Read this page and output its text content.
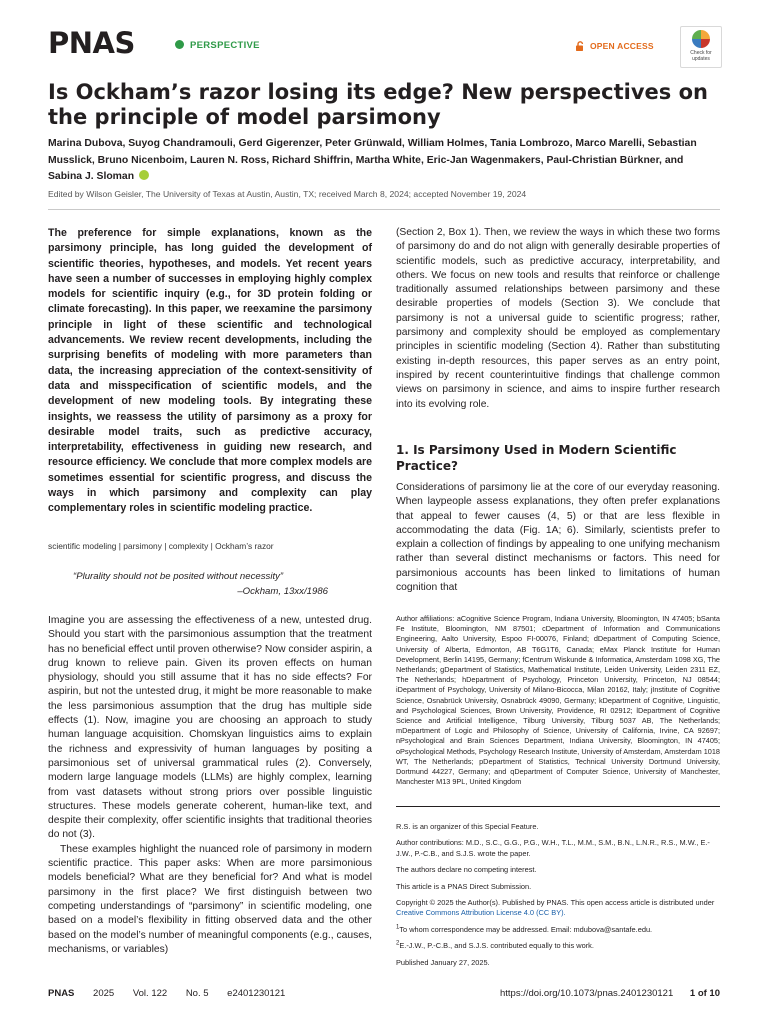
PNAS	PERSPECTIVE	OPEN ACCESS
Check for updates
Is Ockham’s razor losing its edge? New perspectives on the principle of model parsimony
Marina Dubova, Suyog Chandramouli, Gerd Gigerenzer, Peter Grünwald, William Holmes, Tania Lombrozo, Marco Marelli, Sebastian Musslick, Bruno Nicenboim, Lauren N. Ross, Richard Shiffrin, Martha White, Eric-Jan Wagenmakers, Paul-Christian Bürkner, and Sabina J. Sloman
Edited by Wilson Geisler, The University of Texas at Austin, Austin, TX; received March 8, 2024; accepted November 19, 2024
The preference for simple explanations, known as the parsimony principle, has long guided the development of scientific theories, hypotheses, and models. Yet recent years have seen a number of successes in employing highly complex models for scientific inquiry (e.g., for 3D protein folding or climate forecasting). In this paper, we reexamine the parsimony principle in light of these scientific and technological advancements. We review recent developments, including the surprising benefits of modeling with more parameters than data, the increasing appreciation of the context-sensitivity of data and misspecification of scientific models, and the development of new modeling tools. By integrating these insights, we reassess the utility of parsimony as a proxy for desirable model traits, such as predictive accuracy, interpretability, effectiveness in guiding new research, and resource efficiency. We conclude that more complex models are sometimes essential for scientific progress, and discuss the ways in which parsimony and complexity can play complementary roles in scientific modeling practice.
scientific modeling | parsimony | complexity | Ockham’s razor
“Plurality should not be posited without necessity”
–Ockham, 13xx/1986

Imagine you are assessing the effectiveness of a new, untested drug. Should you start with the parsimonious assumption that the treatment has no beneficial effect until proven otherwise? Now consider aspirin, a drug known to relieve pain. Given its proven effects on human physiology, should you still assume that it has no side effects? For aspirin, but not the untested drug, it might be more reasonable to make the less parsimonious assumption that the drug has multiple side effects (1). Now, imagine you are choosing an approach to study human language acquisition. Chomskyan linguistics aims to explain the richness and expressivity of human languages by positing a parsimonious set of universal grammatical rules (2). Conversely, modern large language models (LLMs) are highly complex, learning from vast datasets without strong priors over possible linguistic structures. These models generate coherent, human-like text, and despite their complexity, offer scientific insights that traditional theories do not (3).

These examples highlight the nuanced role of parsimony in modern scientific practice. This paper asks: When are more parsimonious models beneficial? What are they beneficial for? And what is model parsimony in the first place? We first distinguish between two competing understandings of “parsimony” in scientific modeling, one based on a model’s flexibility in fitting observed data and the other based on the model’s number of meaningful components (e.g., causes, mechanisms, or variables)

(Section 2, Box 1). Then, we review the ways in which these two forms of parsimony do and do not align with generally desirable properties of scientific models, such as predictive accuracy, interpretability, and others. We focus on new tools and results that reinforce or challenge traditionally assumed relationships between parsimony and these desirable properties of models (Section 3). We conclude that parsimony is not a universal guide to scientific progress; rather, parsimony and complexity should be employed as complementary principles in scientific modeling (Section 4). Rather than substituting existing in-depth resources, this paper serves as an entry point, inspired by recent counterintuitive findings that challenge common views on parsimony in science, and aims to inspire further research into its evolving role.
1. Is Parsimony Used in Modern Scientific Practice?
Considerations of parsimony lie at the core of our everyday reasoning. When laypeople assess explanations, they often prefer explanations that appeal to fewer causes (4, 5) or that are less flexible in accommodating the data (Fig. 1A; 6). Similarly, scientists prefer to explain a collection of findings by appealing to one unifying mechanism rather than several distinct mechanisms or factors. This need for parsimonious accounts has been linked to limitations of human cognition that
Author affiliations: aCognitive Science Program, Indiana University, Bloomington, IN 47405; bSanta Fe Institute, Bloomington, NM 87501; cDepartment of Information and Communications Engineering, Aalto University, Espoo FI-00076, Finland; dDepartment of Computing Science, University of Alberta, Edmonton, AB T6G1T6, Canada; eMax Planck Institute for Human Development, Berlin 14195, Germany; fCentrum Wiskunde & Informatica, Amsterdam 1098 XG, The Netherlands; gDepartment of Statistics, Mathematical Institute, Leiden University, Leiden 2311 EZ, The Netherlands; hDepartment of Psychology, Princeton University, Princeton, NJ 08544; iDepartment of Psychology, University of Milano-Bicocca, Milan 20162, Italy; jInstitute of Cognitive Science, Osnabrück University, Osnabrück 49090, Germany; kDepartment of Cognitive, Linguistic, and Psychological Sciences, Brown University, Providence, RI 02912; lDepartment of Cognitive Science and Artificial Intelligence, Tilburg University, Tilburg 5037 AB, The Netherlands; mDepartment of Logic and Philosophy of Science, University of California, Irvine, CA 92697; nPsychological and Brain Sciences Department, Indiana University, Bloomington, IN 47405; oPsychological Methods, Psychology Research Institute, University of Amsterdam, Amsterdam 1018 WT, The Netherlands; pDepartment of Statistics, Technical University Dortmund University, Dortmund 44227, Germany; and qDepartment of Computer Science, University of Manchester, Manchester M13 9PL, United Kingdom

R.S. is an organizer of this Special Feature.

Author contributions: M.D., S.C., G.G., P.G., W.H., T.L., M.M., S.M., B.N., L.N.R., R.S., M.W., E.-J.W., P.-C.B., and S.J.S. wrote the paper.

The authors declare no competing interest.

This article is a PNAS Direct Submission.

Copyright © 2025 the Author(s). Published by PNAS. This open access article is distributed under Creative Commons Attribution License 4.0 (CC BY).

$^1$To whom correspondence may be addressed. Email: mdubova@santafe.edu.

$^2$E.-J.W., P.-C.B., and S.J.S. contributed equally to this work.

Published January 27, 2025.

PNAS 2025 Vol. 122 No. 5 e2401230121	https://doi.org/10.1073/pnas.2401230121 1 of 10
